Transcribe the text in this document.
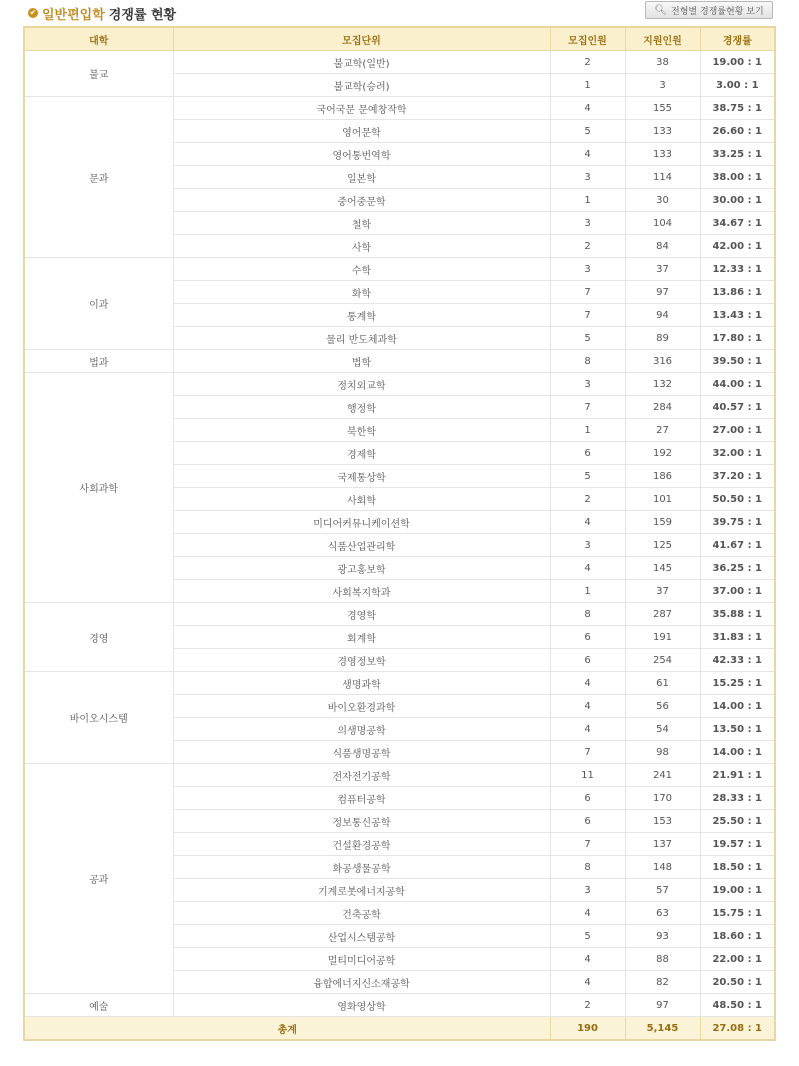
✔ 일반편입학 경쟁률 현황	🔍︎ 전형별 경쟁률현황 보기
대학	모집단위	모집인원	지원인원	경쟁률
불교	불교학(일반)	2	38	19.00 : 1
	불교학(승려)	1	3	3.00 : 1
문과	국어국문 문예창작학	4	155	38.75 : 1
	영어문학	5	133	26.60 : 1
	영어통번역학	4	133	33.25 : 1
	일본학	3	114	38.00 : 1
	중어중문학	1	30	30.00 : 1
	철학	3	104	34.67 : 1
	사학	2	84	42.00 : 1
이과	수학	3	37	12.33 : 1
	화학	7	97	13.86 : 1
	통계학	7	94	13.43 : 1
	물리 반도체과학	5	89	17.80 : 1
법과	법학	8	316	39.50 : 1
사회과학	정치외교학	3	132	44.00 : 1
	행정학	7	284	40.57 : 1
	북한학	1	27	27.00 : 1
	경제학	6	192	32.00 : 1
	국제통상학	5	186	37.20 : 1
	사회학	2	101	50.50 : 1
	미디어커뮤니케이션학	4	159	39.75 : 1
	식품산업관리학	3	125	41.67 : 1
	광고홍보학	4	145	36.25 : 1
	사회복지학과	1	37	37.00 : 1
경영	경영학	8	287	35.88 : 1
	회계학	6	191	31.83 : 1
	경영정보학	6	254	42.33 : 1
바이오시스템	생명과학	4	61	15.25 : 1
	바이오환경과학	4	56	14.00 : 1
	의생명공학	4	54	13.50 : 1
	식품생명공학	7	98	14.00 : 1
공과	전자전기공학	11	241	21.91 : 1
	컴퓨터공학	6	170	28.33 : 1
	정보통신공학	6	153	25.50 : 1
	건설환경공학	7	137	19.57 : 1
	화공생물공학	8	148	18.50 : 1
	기계로봇에너지공학	3	57	19.00 : 1
	건축공학	4	63	15.75 : 1
	산업시스템공학	5	93	18.60 : 1
	멀티미디어공학	4	88	22.00 : 1
	융합에너지신소재공학	4	82	20.50 : 1
예술	영화영상학	2	97	48.50 : 1
총계		190	5,145	27.08 : 1
